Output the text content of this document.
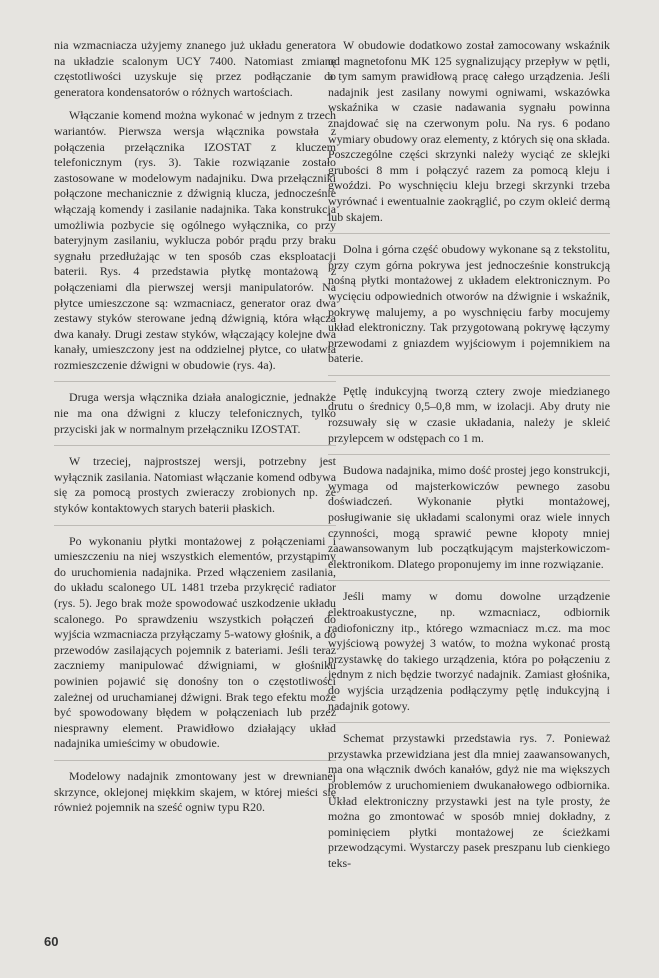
nia wzmacniacza użyjemy znanego już układu generatora na układzie scalonym UCY 7400. Natomiast zmianę częstotliwości uzyskuje się przez podłączanie do generatora kondensatorów o różnych wartościach.

Włączanie komend można wykonać w jednym z trzech wariantów. Pierwsza wersja włącznika powstała z połączenia przełącznika IZOSTAT z kluczem telefonicznym (rys. 3). Takie rozwiązanie zostało zastosowane w modelowym nadajniku. Dwa przełączniki połączone mechanicznie z dźwignią klucza, jednocześnie włączają komendy i zasilanie nadajnika. Taka konstrukcja umożliwia pozbycie się ogólnego wyłącznika, co przy bateryjnym zasilaniu, wyklucza pobór prądu przy braku sygnału przedłużając w ten sposób czas eksploatacji baterii. Rys. 4 przedstawia płytkę montażową z połączeniami dla pierwszej wersji manipulatorów. Na płytce umieszczone są: wzmacniacz, generator oraz dwa zestawy styków sterowane jedną dźwignią, która włącza dwa kanały. Drugi zestaw styków, włączający kolejne dwa kanały, umieszczony jest na oddzielnej płytce, co ułatwia rozmieszczenie dźwigni w obudowie (rys. 4a).

Druga wersja włącznika działa analogicznie, jednakże nie ma ona dźwigni z kluczy telefonicznych, tylko przyciski jak w normalnym przełączniku IZOSTAT.

W trzeciej, najprostszej wersji, potrzebny jest wyłącznik zasilania. Natomiast włączanie komend odbywa się za pomocą prostych zwieraczy zrobionych np. ze styków kontaktowych starych baterii płaskich.

Po wykonaniu płytki montażowej z połączeniami i umieszczeniu na niej wszystkich elementów, przystąpimy do uruchomienia nadajnika. Przed włączeniem zasilania, do układu scalonego UL 1481 trzeba przykręcić radiator (rys. 5). Jego brak może spowodować uszkodzenie układu scalonego. Po sprawdzeniu wszystkich połączeń do wyjścia wzmacniacza przyłączamy 5-watowy głośnik, a do przewodów zasilających pojemnik z bateriami. Jeśli teraz zaczniemy manipulować dźwigniami, w głośniku powinien pojawić się donośny ton o częstotliwości zależnej od uruchamianej dźwigni. Brak tego efektu może być spowodowany błędem w połączeniach lub przez niesprawny element. Prawidłowo działający układ nadajnika umieścimy w obudowie.

Modelowy nadajnik zmontowany jest w drewnianej skrzynce, oklejonej miękkim skajem, w której mieści się również pojemnik na sześć ogniw typu R20.

W obudowie dodatkowo został zamocowany wskaźnik od magnetofonu MK 125 sygnalizujący przepływ w pętli, a tym samym prawidłową pracę całego urządzenia. Jeśli nadajnik jest zasilany nowymi ogniwami, wskazówka wskaźnika w czasie nadawania sygnału powinna znajdować się na czerwonym polu. Na rys. 6 podano wymiary obudowy oraz elementy, z których się ona składa. Poszczególne części skrzynki należy wyciąć ze sklejki grubości 8 mm i połączyć razem za pomocą kleju i gwoździ. Po wyschnięciu kleju brzegi skrzynki trzeba wyrównać i ewentualnie zaokrąglić, po czym okleić dermą lub skajem.

Dolna i górna część obudowy wykonane są z tekstolitu, przy czym górna pokrywa jest jednocześnie konstrukcją nośną płytki montażowej z układem elektronicznym. Po wycięciu odpowiednich otworów na dźwignie i wskaźnik, pokrywę malujemy, a po wyschnięciu farby mocujemy układ elektroniczny. Tak przygotowaną pokrywę łączymy przewodami z gniazdem wyjściowym i pojemnikiem na baterie.

Pętlę indukcyjną tworzą cztery zwoje miedzianego drutu o średnicy 0,5–0,8 mm, w izolacji. Aby druty nie rozsuwały się w czasie układania, należy je skleić przylepcem w odstępach co 1 m.

Budowa nadajnika, mimo dość prostej jego konstrukcji, wymaga od majsterkowiczów pewnego zasobu doświadczeń. Wykonanie płytki montażowej, posługiwanie się układami scalonymi oraz wiele innych czynności, mogą sprawić pewne kłopoty mniej zaawansowanym lub początkującym majsterkowiczom-elektronikom. Dlatego proponujemy im inne rozwiązanie.

Jeśli mamy w domu dowolne urządzenie elektroakustyczne, np. wzmacniacz, odbiornik radiofoniczny itp., którego wzmacniacz m.cz. ma moc wyjściową powyżej 3 watów, to można wykonać prostą przystawkę do takiego urządzenia, która po połączeniu z jednym z nich będzie tworzyć nadajnik. Zamiast głośnika, do wyjścia urządzenia podłączymy pętlę indukcyjną i nadajnik gotowy.

Schemat przystawki przedstawia rys. 7. Ponieważ przystawka przewidziana jest dla mniej zaawansowanych, ma ona włącznik dwóch kanałów, gdyż nie ma większych problemów z uruchomieniem dwukanałowego odbiornika. Układ elektroniczny przystawki jest na tyle prosty, że można go zmontować w sposób mniej dokładny, z pominięciem płytki montażowej ze ścieżkami przewodzącymi. Wystarczy pasek preszpanu lub cienkiego teks-

60
